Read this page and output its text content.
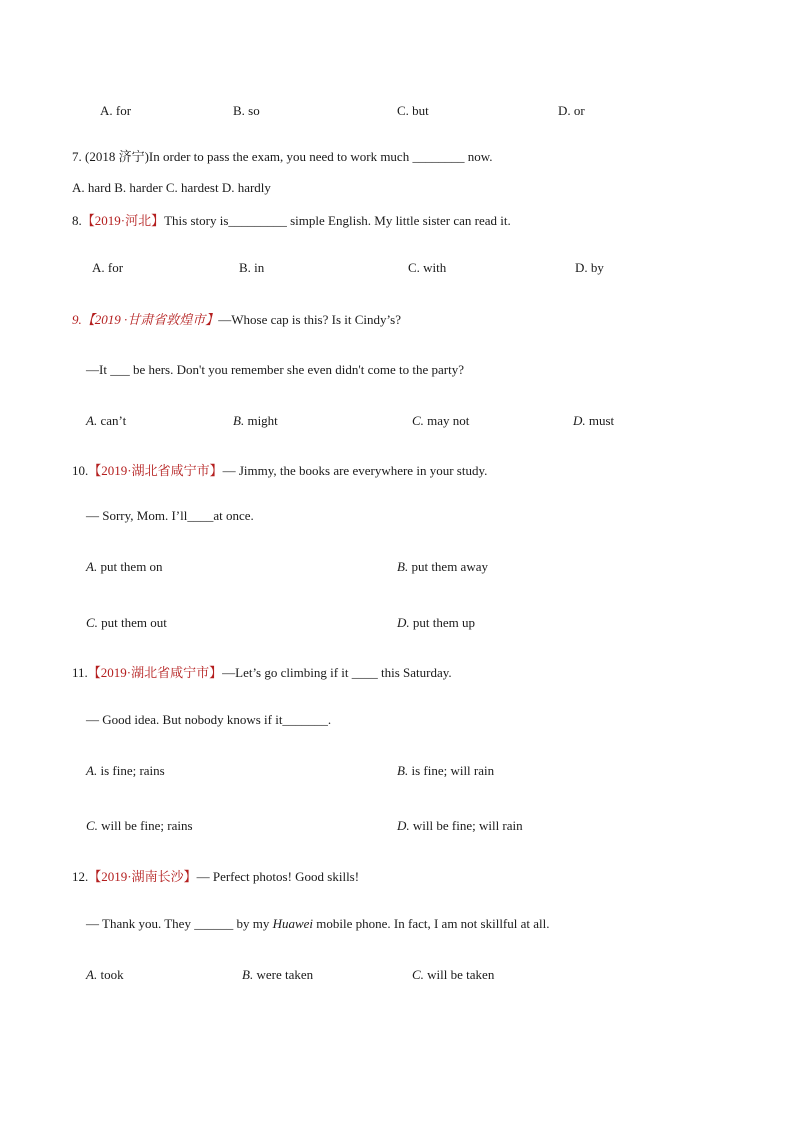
A. for	B. so	C. but	D. or
7. (2018 济宁)In order to pass the exam, you need to work much ________ now.
A. hard B. harder C. hardest D. hardly
8.【2019·河北】This story is_________ simple English. My little sister can read it.
A. for	B. in	C. with	D. by
9.【2019 ·甘肃省敦煌市】—Whose cap is this? Is it Cindy’s?
—It ___ be hers. Don't you remember she even didn't come to the party?
A. can’t	B. might	C. may not	D. must
10.【2019·湖北省咸宁市】— Jimmy, the books are everywhere in your study.
— Sorry, Mom. I’ll____at once.
A. put them on	B. put them away
C. put them out	D. put them up
11.【2019·湖北省咸宁市】—Let’s go climbing if it ____ this Saturday.
— Good idea. But nobody knows if it_______.
A. is fine; rains	B. is fine; will rain
C. will be fine; rains	D. will be fine; will rain
12.【2019·湖南长沙】— Perfect photos! Good skills!
— Thank you. They ______ by my Huawei mobile phone. In fact, I am not skillful at all.
A. took	B. were taken	C. will be taken
